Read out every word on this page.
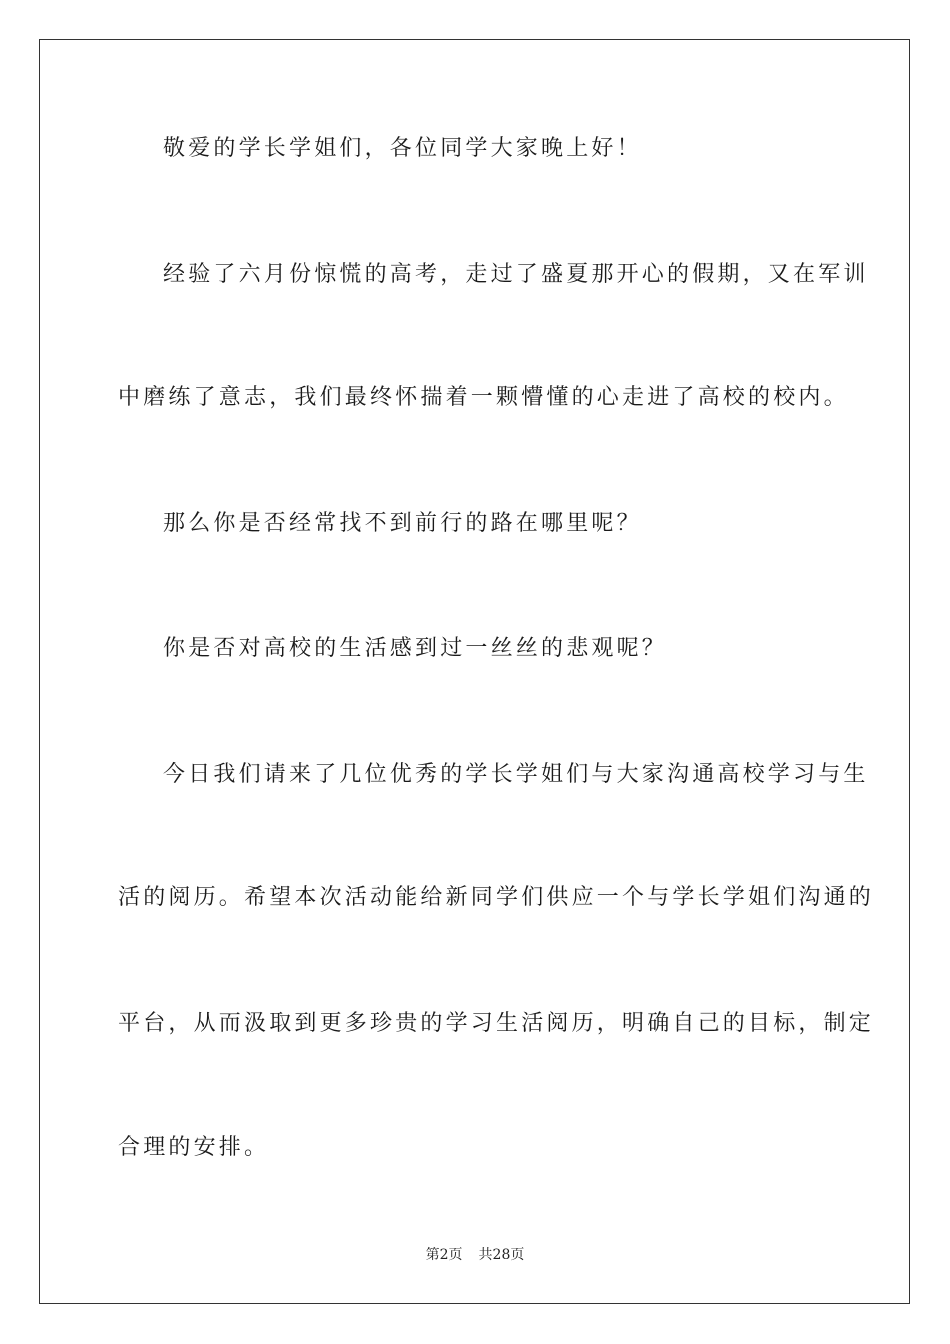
敬爱的学长学姐们，各位同学大家晚上好！
经验了六月份惊慌的高考，走过了盛夏那开心的假期，又在军训
中磨练了意志，我们最终怀揣着一颗懵懂的心走进了高校的校内。
那么你是否经常找不到前行的路在哪里呢？
你是否对高校的生活感到过一丝丝的悲观呢？
今日我们请来了几位优秀的学长学姐们与大家沟通高校学习与生
活的阅历。希望本次活动能给新同学们供应一个与学长学姐们沟通的
平台，从而汲取到更多珍贵的学习生活阅历，明确自己的目标，制定
合理的安排。
第2页 共28页
